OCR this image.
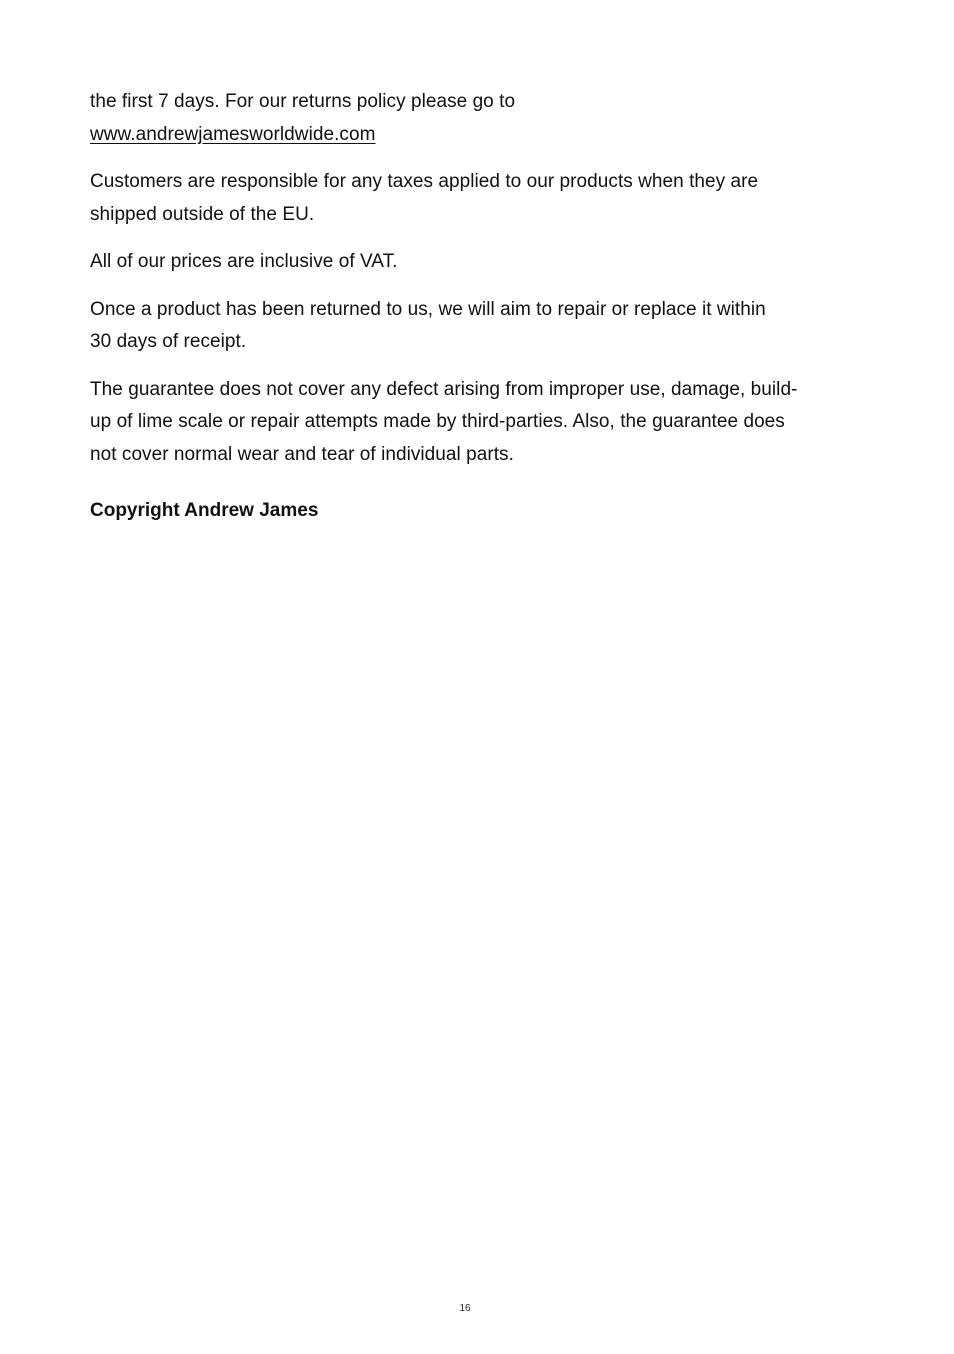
the first 7 days. For our returns policy please go to
www.andrewjamesworldwide.com

Customers are responsible for any taxes applied to our products when they are
shipped outside of the EU.

All of our prices are inclusive of VAT.

Once a product has been returned to us, we will aim to repair or replace it within
30 days of receipt.

The guarantee does not cover any defect arising from improper use, damage, build-
up of lime scale or repair attempts made by third-parties. Also, the guarantee does
not cover normal wear and tear of individual parts.

Copyright Andrew James

16
